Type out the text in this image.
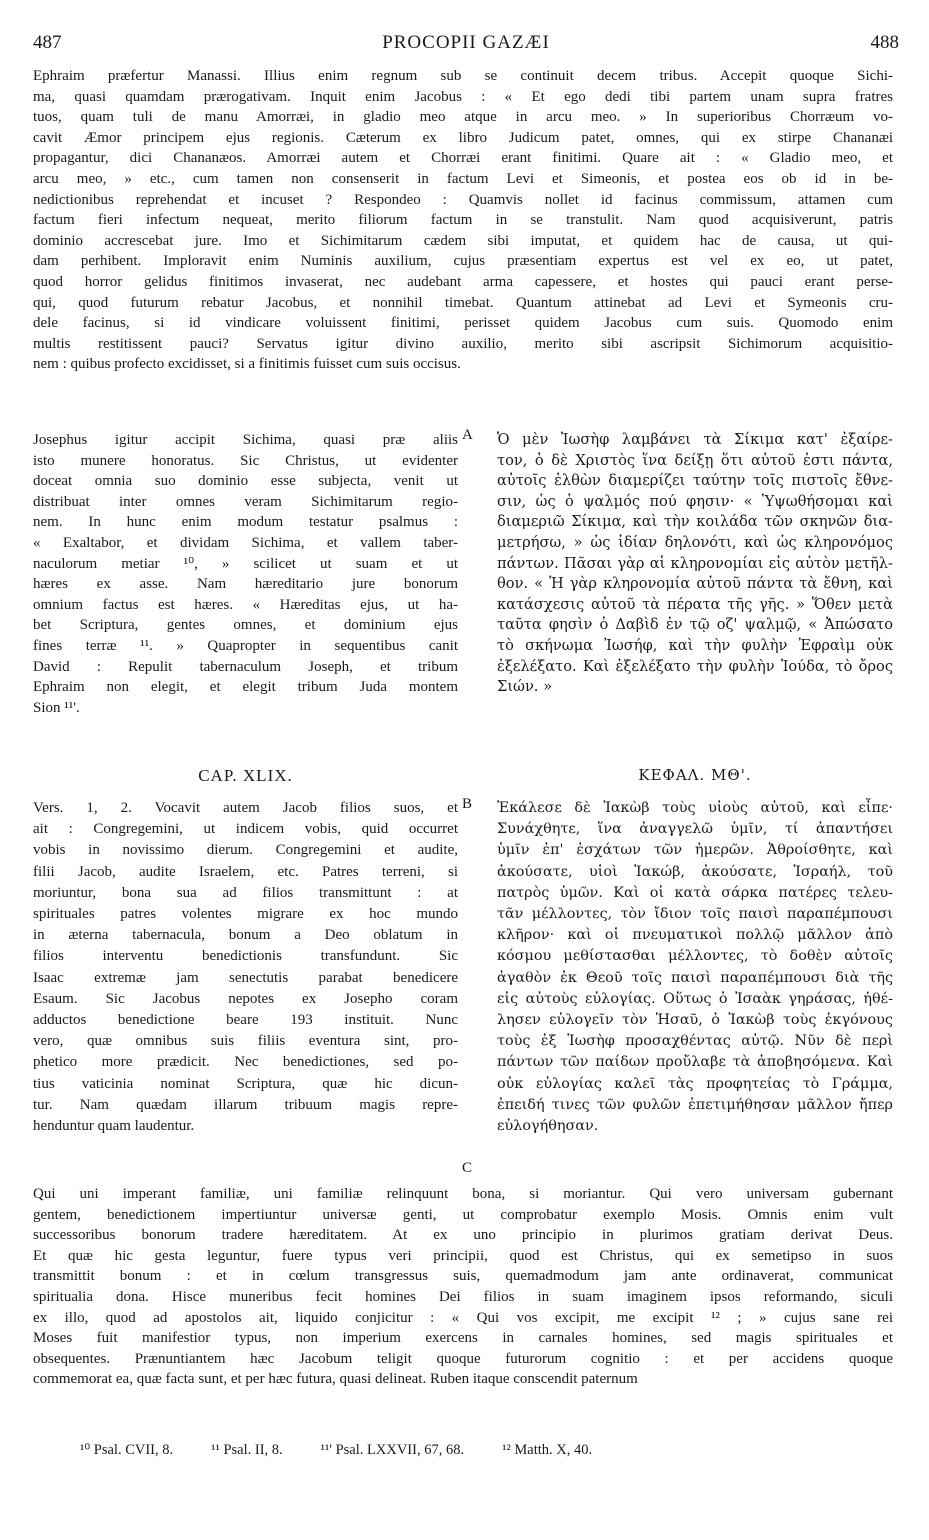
487	PROCOPII GAZÆI	488
Ephraim præfertur Manassi. Illius enim regnum sub se continuit decem tribus. Accepit quoque Sichi-
ma, quasi quamdam prærogativam. Inquit enim Jacobus : « Et ego dedi tibi partem unam supra fratres
tuos, quam tuli de manu Amorræi, in gladio meo atque in arcu meo. » In superioribus Chorræum vo-
cavit Æmor principem ejus regionis. Cæterum ex libro Judicum patet, omnes, qui ex stirpe Chananæi
propagantur, dici Chananæos. Amorræi autem et Chorræi erant finitimi. Quare ait : « Gladio meo, et
arcu meo, » etc., cum tamen non consenserit in factum Levi et Simeonis, et postea eos ob id in be-
nedictionibus reprehendat et incuset ? Respondeo : Quamvis nollet id facinus commissum, attamen cum
factum fieri infectum nequeat, merito filiorum factum in se transtulit. Nam quod acquisiverunt, patris
dominio accrescebat jure. Imo et Sichimitarum cædem sibi imputat, et quidem hac de causa, ut qui-
dam perhibent. Imploravit enim Numinis auxilium, cujus præsentiam expertus est vel ex eo, ut patet,
quod horror gelidus finitimos invaserat, nec audebant arma capessere, et hostes qui pauci erant perse-
qui, quod futurum rebatur Jacobus, et nonnihil timebat. Quantum attinebat ad Levi et Symeonis cru-
dele facinus, si id vindicare voluissent finitimi, perisset quidem Jacobus cum suis. Quomodo enim
multis restitissent pauci? Servatus igitur divino auxilio, merito sibi ascripsit Sichimorum acquisitio-
nem : quibus profecto excidisset, si a finitimis fuisset cum suis occisus.
A
Josephus igitur accipit Sichima, quasi præ aliis
isto munere honoratus. Sic Christus, ut evidenter
doceat omnia suo dominio esse subjecta, venit ut
distribuat inter omnes veram Sichimitarum regio-
nem. In hunc enim modum testatur psalmus :
« Exaltabor, et dividam Sichima, et vallem taber-
naculorum metiar ¹⁰, » scilicet ut suam et ut
hæres ex asse. Nam hæreditario jure bonorum
omnium factus est hæres. « Hæreditas ejus, ut ha-
bet Scriptura, gentes omnes, et dominium ejus
fines terræ ¹¹. » Quapropter in sequentibus canit
David : Repulit tabernaculum Joseph, et tribum
Ephraim non elegit, et elegit tribum Juda montem
Sion ¹¹'.
Ὁ μὲν Ἰωσὴφ λαμβάνει τὰ Σίκιμα κατ' ἐξαίρε-
τον, ὁ δὲ Χριστὸς ἵνα δείξῃ ὅτι αὐτοῦ ἐστι πάντα,
αὐτοῖς ἐλθὼν διαμερίζει ταύτην τοῖς πιστοῖς ἔθνε-
σιν, ὡς ὁ ψαλμός πού φησιν· « Ὑψωθήσομαι καὶ
διαμεριῶ Σίκιμα, καὶ τὴν κοιλάδα τῶν σκηνῶν δια-
μετρήσω, » ὡς ἰδίαν δηλονότι, καὶ ὡς κληρονόμος
πάντων. Πᾶσαι γὰρ αἱ κληρονομίαι εἰς αὐτὸν μετῆλ-
θον. « Ἡ γὰρ κληρονομία αὐτοῦ πάντα τὰ ἔθνη, καὶ
κατάσχεσις αὐτοῦ τὰ πέρατα τῆς γῆς. » Ὅθεν μετὰ
ταῦτα φησὶν ὁ Δαβὶδ ἐν τῷ οζ' ψαλμῷ, « Ἀπώσατο
τὸ σκήνωμα Ἰωσήφ, καὶ τὴν φυλὴν Ἐφραὶμ οὐκ
ἐξελέξατο. Καὶ ἐξελέξατο τὴν φυλὴν Ἰούδα, τὸ ὄρος
Σιών. »
CAP. XLIX.	ΚΕΦΑΛ. ΜΘ'.
B
Vers. 1, 2. Vocavit autem Jacob filios suos, et
ait : Congregemini, ut indicem vobis, quid occurret
vobis in novissimo dierum. Congregemini et audite,
filii Jacob, audite Israelem, etc. Patres terreni, si
moriuntur, bona sua ad filios transmittunt : at
spirituales patres volentes migrare ex hoc mundo
in æterna tabernacula, bonum a Deo oblatum in
filios interventu benedictionis transfundunt. Sic
Isaac extremæ jam senectutis parabat benedicere
Esaum. Sic Jacobus nepotes ex Josepho coram
adductos benedictione beare 193 instituit. Nunc
vero, quæ omnibus suis filiis eventura sint, pro-
phetico more prædicit. Nec benedictiones, sed po-
tius vaticinia nominat Scriptura, quæ hic dicun-
tur. Nam quædam illarum tribuum magis repre-
henduntur quam laudentur.
Ἐκάλεσε δὲ Ἰακὼβ τοὺς υἱοὺς αὐτοῦ, καὶ εἶπε·
Συνάχθητε, ἵνα ἀναγγελῶ ὑμῖν, τί ἀπαντήσει
ὑμῖν ἐπ' ἐσχάτων τῶν ἡμερῶν. Ἀθροίσθητε, καὶ
ἀκούσατε, υἱοὶ Ἰακώβ, ἀκούσατε, Ἰσραήλ, τοῦ
πατρὸς ὑμῶν. Καὶ οἱ κατὰ σάρκα πατέρες τελευ-
τᾶν μέλλοντες, τὸν ἴδιον τοῖς παισὶ παραπέμπουσι
κλῆρον· καὶ οἱ πνευματικοὶ πολλῷ μᾶλλον ἀπὸ
κόσμου μεθίστασθαι μέλλοντες, τὸ δοθὲν αὐτοῖς
ἀγαθὸν ἐκ Θεοῦ τοῖς παισὶ παραπέμπουσι διὰ τῆς
εἰς αὐτοὺς εὐλογίας. Οὕτως ὁ Ἰσαὰκ γηράσας, ἠθέ-
λησεν εὐλογεῖν τὸν Ἡσαῦ, ὁ Ἰακὼβ τοὺς ἐκγόνους
τοὺς ἐξ Ἰωσὴφ προσαχθέντας αὐτῷ. Νῦν δὲ περὶ
πάντων τῶν παίδων προὔλαβε τὰ ἀποβησόμενα. Καὶ
οὐκ εὐλογίας καλεῖ τὰς προφητείας τὸ Γράμμα,
ἐπειδή τινες τῶν φυλῶν ἐπετιμήθησαν μᾶλλον ἤπερ
εὐλογήθησαν.
C
Qui uni imperant familiæ, uni familiæ relinquunt bona, si moriantur. Qui vero universam gubernant
gentem, benedictionem impertiuntur universæ genti, ut comprobatur exemplo Mosis. Omnis enim vult
successoribus bonorum tradere hæreditatem. At ex uno principio in plurimos gratiam derivat Deus.
Et quæ hic gesta leguntur, fuere typus veri principii, quod est Christus, qui ex semetipso in suos
transmittit bonum : et in cœlum transgressus suis, quemadmodum jam ante ordinaverat, communicat
spiritualia dona. Hisce muneribus fecit homines Dei filios in suam imaginem ipsos reformando, siculi
ex illo, quod ad apostolos ait, liquido conjicitur : « Qui vos excipit, me excipit ¹² ; » cujus sane rei
Moses fuit manifestior typus, non imperium exercens in carnales homines, sed magis spirituales et
obsequentes. Prænuntiantem hæc Jacobum teligit quoque futurorum cognitio : et per accidens quoque
commemorat ea, quæ facta sunt, et per hæc futura, quasi delineat. Ruben itaque conscendit paternum
¹⁰ Psal. CVII, 8.	¹¹ Psal. II, 8.	¹¹' Psal. LXXVII, 67, 68.	¹² Matth. X, 40.
